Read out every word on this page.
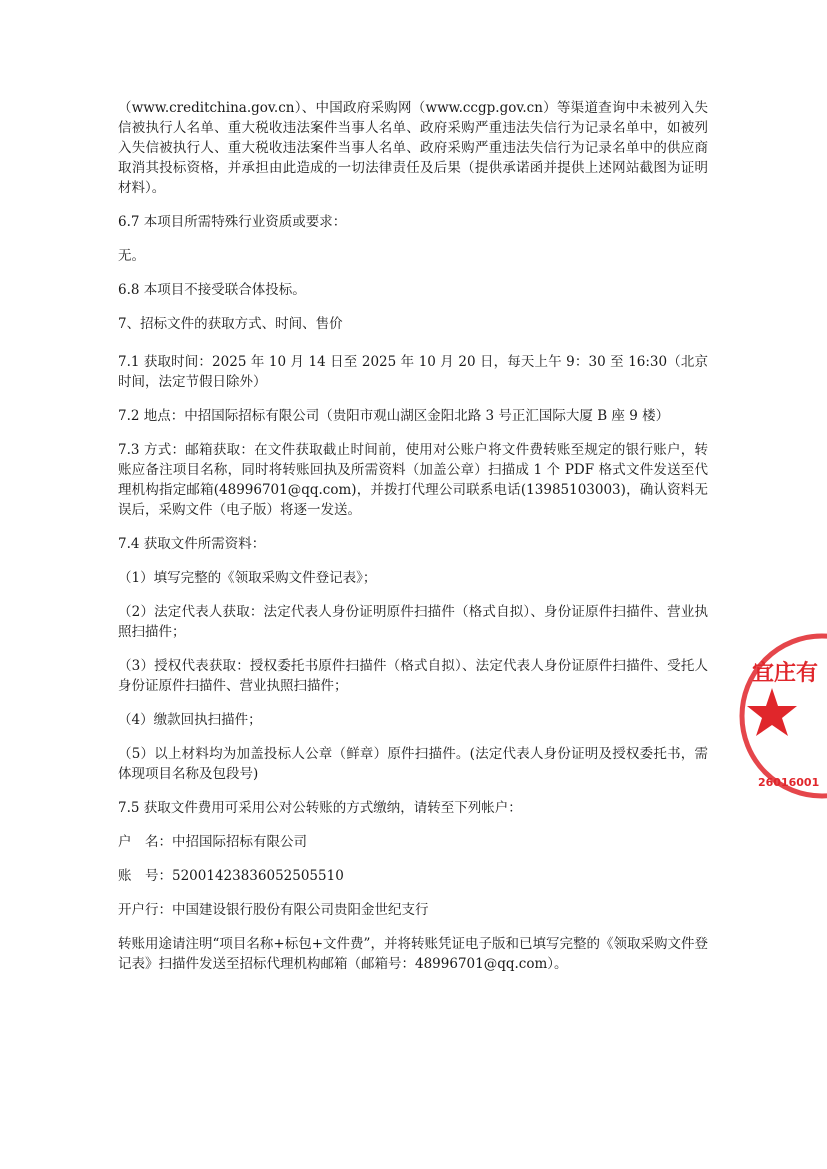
（www.creditchina.gov.cn）、中国政府采购网（www.ccgp.gov.cn）等渠道查询中未被列入失信被执行人名单、重大税收违法案件当事人名单、政府采购严重违法失信行为记录名单中，如被列入失信被执行人、重大税收违法案件当事人名单、政府采购严重违法失信行为记录名单中的供应商取消其投标资格，并承担由此造成的一切法律责任及后果（提供承诺函并提供上述网站截图为证明材料）。

6.7 本项目所需特殊行业资质或要求：

无。

6.8 本项目不接受联合体投标。

7、招标文件的获取方式、时间、售价

7.1 获取时间：2025 年 10 月 14 日至 2025 年 10 月 20 日，每天上午 9：30 至 16:30（北京时间，法定节假日除外）

7.2 地点：中招国际招标有限公司（贵阳市观山湖区金阳北路 3 号正汇国际大厦 B 座 9 楼）

7.3 方式：邮箱获取：在文件获取截止时间前，使用对公账户将文件费转账至规定的银行账户，转账应备注项目名称，同时将转账回执及所需资料（加盖公章）扫描成 1 个 PDF 格式文件发送至代理机构指定邮箱(48996701@qq.com)，并拨打代理公司联系电话(13985103003)，确认资料无误后，采购文件（电子版）将逐一发送。

7.4 获取文件所需资料：

（1）填写完整的《领取采购文件登记表》；

（2）法定代表人获取：法定代表人身份证明原件扫描件（格式自拟）、身份证原件扫描件、营业执照扫描件；

（3）授权代表获取：授权委托书原件扫描件（格式自拟）、法定代表人身份证原件扫描件、受托人身份证原件扫描件、营业执照扫描件；

（4）缴款回执扫描件；

（5）以上材料均为加盖投标人公章（鲜章）原件扫描件。(法定代表人身份证明及授权委托书，需体现项目名称及包段号)

7.5 获取文件费用可采用公对公转账的方式缴纳，请转至下列帐户：

户　名：中招国际招标有限公司

账　号：52001423836052505510

开户行：中国建设银行股份有限公司贵阳金世纪支行

转账用途请注明“项目名称+标包+文件费”，并将转账凭证电子版和已填写完整的《领取采购文件登记表》扫描件发送至招标代理机构邮箱（邮箱号：48996701@qq.com）。

宜庄有
26016001
